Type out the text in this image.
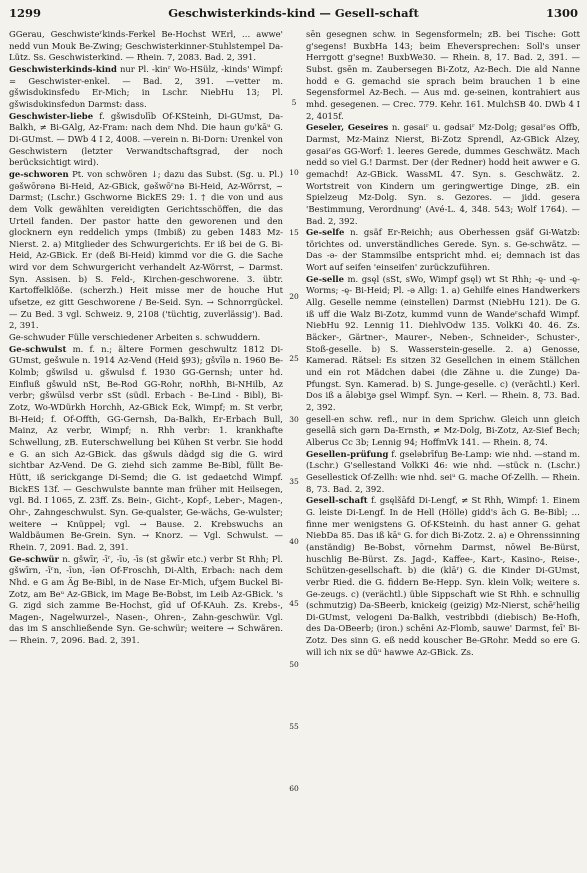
1299	Geschwisterkinds-kind — Gesell-schaft	1300

GGerau, Geschwisteʳkinds-Ferkel Be-Hochst WErl, … awwe' nedd vun Mouk Be-Zwing; Geschwisterkinner-Stuhlstempel Da-Lütz. Ss. Geschwisterkind. — Rhein. 7, 2083. Bad. 2, 391.

Geschwisterkinds-kind nur Pl. -kinʳ Wo-HSülz, -kinds' Wimpf: = Geschwister-enkel. — Bad. 2, 391. —vetter m. gšwisdʋkinsfedʋ Er-Mich; in Lschr. NiebHu 13; Pl. gšwisdʋkinsfedʋn Darmst: dass.

Geschwister-liebe f. gšwisdʋlīb Of-KSteinh, Di-GUmst, Da-Balkh, ≠ Bi-GAlg, Az-Fram: nach dem Nhd. Die haun gʋ'kāᵘ G. Di-GUmst. — DWb 4 I 2, 4008. —verein n. Bi-Dorn: Urenkel von Geschwistern (letzter Verwandtschaftsgrad, der noch berücksichtigt wird).

ge-schworen Pt. von schwören ↓; dazu das Subst. (Sg. u. Pl.) gǝšwōrǝnǝ Bi-Heid, Az-GBick, gǝšwōʳnǝ Bi-Heid, Az-Wörrst, ~ Darmst; (Lschr.) Gschworne BickES 29: 1. † die von und aus dem Volk gewählten vereidigten Gerichtsschöffen, die das Urteil fanden. Der pastor hatte den geworenen und den glocknern eyn reddelich ymps (Imbiß) zu geben 1483 Mz-Nierst. 2. a) Mitglieder des Schwurgerichts. Er iß bei de G. Bi-Heid, Az-GBick. Er (deß Bi-Heid) kimmd vor die G. die Sache wird vor dem Schwurgericht verhandelt Az-Wörrst, ~ Darmst. Syn. Assisen. b) S. Feld-, Kirchen-geschworene. 3. übtr. Kartoffelklöße. (scherzh.) Heit misse mer de houche Hut ufsetze, ez gitt Geschworene / Be-Seid. Syn. → Schnorrgückel. — Zu Bed. 3 vgl. Schweiz. 9, 2108 ('tüchtig, zuverlässig'). Bad. 2, 391.

Ge-schwuder Fülle verschiedener Arbeiten s. schwuddern.

Ge-schwulst m. f. n.; ältere Formen geschwultz 1812 Di-GUmst, gešwule n. 1914 Az-Vend (Heid §93); gšvīlə n. 1960 Be-Kolmb; gšwilsd u. gšwulsd f. 1930 GG-Gernsh; unter hd. Einfluß gšwuld nSt, Be-Rod GG-Rohr, noRhh, Bi-NHilb, Az verbr; gšwūlsd verbr sSt (südl. Erbach - Be-Lind - Bibl), Bi-Zotz, Wo-WDürkh Horchh, Az-GBick Eck, Wimpf; m. St verbr, Bi-Heid; f. Of-Offth, GG-Gernsh, Da-Balkh, Er-Erbach Bull, Mainz, Az verbr, Wimpf; n. Rhh verbr: 1. krankhafte Schwellung, zB. Euterschwellung bei Kühen St verbr. Sie hodd e G. an sich Az-GBick. das gšwuls dàdgd sig die G. wird sichtbar Az-Vend. De G. ziehd sich zamme Be-Bibl, füllt Be-Hütt, iß serickgange Di-Semd; die G. ist gedaetchd Wimpf. BickES 13f. — Geschwulste bannte man früher mit Heilsegen, vgl. Bd. I 1065, Z. 23ff. Zs. Bein-, Gicht-, Kopf-, Leber-, Magen-, Ohr-, Zahngeschwulst. Syn. Ge-qualster, Ge-wächs, Ge-wulster; weitere → Knüppel; vgl. → Bause. 2. Krebswuchs an Waldbäumen Be-Grein. Syn. → Knorz. — Vgl. Schwulst. — Rhein. 7, 2091. Bad. 2, 391.

Ge-schwür n. gšwīr, -īʳ, -īʋ, -īs (st gšwīr etc.) verbr St Rhh; Pl. gšwīrn, -īʳn, -īʋn, -īǝn Of-Froschh, Di-Alth, Erbach: nach dem Nhd. e G am Äg Be-Bibl, in de Nase Er-Mich, ufʒem Buckel Bi-Zotz, am Beᵘ Az-GBick, im Mage Be-Bobst, im Leib Az-GBick. 's G. zigd sich zamme Be-Hochst, gīd uf Of-KAuh. Zs. Krebs-, Magen-, Nagelwurzel-, Nasen-, Ohren-, Zahn-geschwür. Vgl. das im S anschließende Syn. Ge-schwür; weitere → Schwären. — Rhein. 7, 2096. Bad. 2, 391.

5
10
15
20
25
30
35
40
45
50
55
60

sēn gesegnen schw. in Segensformeln; zB. bei Tische: Gott g'segens! BuxbHa 143; beim Eheversprechen: Soll's unser Herrgott g'segne! BuxbWe30. — Rhein. 8, 17. Bad. 2, 391. — Subst. gsēn m. Zaubersegen Bi-Zotz, Az-Bech. Die ald Nanne hodd e G. gemachd sie sprach beim brauchen 1 b eine Segensformel Az-Bech. — Aus md. ge-seinen, kontrahiert aus mhd. gesegenen. — Crec. 779. Kehr. 161. MulchSB 40. DWb 4 I 2, 4015f.

Geseler, Geseires n. gǝsaiʳ u. gǝdsaiʳ Mz-Dolg; gǝsaiʳǝs Offb, Darmst, Mz-Mainz Nierst, Bi-Zotz Sprendl, Az-GBick Alzey, gǝsaiʳǝs GG-Worf: 1. leeres Gerede, dummes Geschwätz. Mach nedd so viel G.! Darmst. Der (der Redner) hodd heit awwer e G. gemachd! Az-GBick. WassML 47. Syn. s. Geschwätz. 2. Wortstreit von Kindern um geringwertige Dinge, zB. ein Spielzeug Mz-Dolg. Syn. s. Gezores. — jidd. gesera 'Bestimmung, Verordnung' (Avé-L. 4, 348. 543; Wolf 1764). — Bad. 2, 392.

Ge-selfe n. gsäf Er-Reichh; aus Oberhessen gsäf Gi-Watzb: törichtes od. unverständliches Gerede. Syn. s. Ge-schwätz. — Das -ǝ- der Stammsilbe entspricht mhd. ei; demnach ist das Wort auf seifen 'einseifen' zurückzuführen.

Ge-selle m. gsęl (sSt, sWo, Wimpf gsęl) wt St Rhh; -ę- und -ę- Worms; -ę- Bi-Heid; Pl. -ǝ Allg: 1. a) Gehilfe eines Handwerkers Allg. Geselle nemme (einstellen) Darmst (NiebHu 121). De G. iß uff die Walz Bi-Zotz, kummd vunn de Wandeʳschafd Wimpf. NiebHu 92. Lennig 11. DiehlvOdw 135. VolkKi 40. 46. Zs. Bäcker-, Gärtner-, Maurer-, Neben-, Schneider-, Schuster-, Stoß-geselle. b) S. Wasserstein-geselle. 2. a) Genosse, Kamerad. Rätsel: Es sitzen 32 Gesellchen in einem Ställchen und ein rot Mädchen dabei (die Zähne u. die Zunge) Da-Pfungst. Syn. Kamerad. b) S. Junge-geselle. c) (verächtl.) Kerl. Dos iß a ālǝbiʒǝ gsel Wimpf. Syn. → Kerl. — Rhein. 8, 73. Bad. 2, 392.

gesell-en schw. refl., nur in dem Sprichw. Gleich unn gleich gesellā sich gǝrn Da-Ernsth, ≠ Mz-Dolg, Bi-Zotz, Az-Sief Bech; Alberus Cc 3b; Lennig 94; HoffmVk 141. — Rhein. 8, 74.

Gesellen-prüfung f. gselǝbrīfuŋ Be-Lamp: wie nhd. —stand m. (Lschr.) G'sellestand VolkKi 46: wie nhd. —stück n. (Lschr.) Gesellestick Of-Zellh: wie nhd. seiᵘ G. mache Of-Zellh. — Rhein. 8, 73. Bad. 2, 392.

Gesell-schaft f. gsęlšāfd Di-Lengf, ≠ St Rhh, Wimpf: 1. Einem G. leiste Di-Lengf. In de Hell (Hölle) gidd's āch G. Be-Bibl; … finne mer wenigstens G. Of-KSteinh. du hast anner G. gehat NiebDa 85. Das iß kāᵘ G. for dich Bi-Zotz. 2. a) e Ohrenssinning (anständig) Be-Bobst, vōrnehm Darmst, nōwel Be-Bürst, huschlig Be-Bürst. Zs. Jagd-, Kaffee-, Kart-, Kasino-, Reise-, Schützen-gesellschaft. b) die (klāʳ) G. die Kinder Di-GUmst, verbr Ried. die G. fiddern Be-Hepp. Syn. klein Volk; weitere s. Ge-zeugs. c) (verächtl.) üble Sippschaft wie St Rhh. e schnullig (schmutzig) Da-SBeerb, knickeig (geizig) Mz-Nierst, schēʳheilig Di-GUmst, velogeni Da-Balkh, vestribbdi (diebisch) Be-Hofh, des Da-OBeerb; (iron.) schēni Az-Flomb, sauwe' Darmst, feī' Bi-Zotz. Des sinn G. eß nedd kouscher Be-GRohr. Medd so ere G. will ich nix se dūᵘ hawwe Az-GBick. Zs.
